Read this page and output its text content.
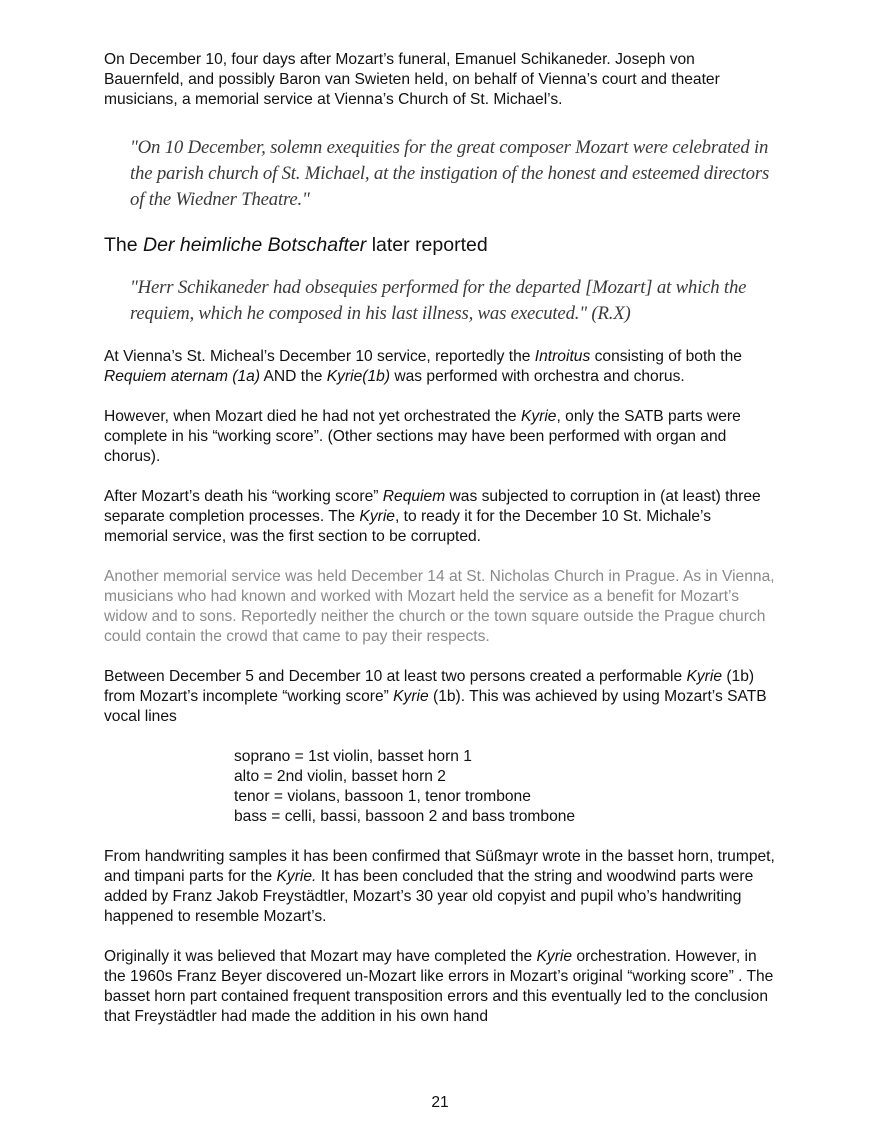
On December 10, four days after Mozart’s funeral, Emanuel Schikaneder. Joseph von Bauernfeld, and possibly Baron van Swieten held, on behalf of Vienna’s court and theater musicians, a memorial service at Vienna’s Church of St. Michael’s.

"On 10 December, solemn exequities for the great composer Mozart were celebrated in the parish church of St. Michael, at the instigation of the honest and esteemed directors of the Wiedner Theatre."

The Der heimliche Botschafter later reported

"Herr Schikaneder had obsequies performed for the departed [Mozart] at which the requiem, which he composed in his last illness, was executed." (R.X)

At Vienna’s St. Micheal’s December 10 service, reportedly the Introitus consisting of both the Requiem aternam (1a) AND the Kyrie(1b) was performed with orchestra and chorus.

However, when Mozart died he had not yet orchestrated the Kyrie, only the SATB parts were complete in his “working score”. (Other sections may have been performed with organ and chorus).

After Mozart’s death his “working score” Requiem was subjected to corruption in (at least) three separate completion processes. The Kyrie, to ready it for the December 10 St. Michale’s memorial service, was the first section to be corrupted.

Another memorial service was held December 14 at St. Nicholas Church in Prague. As in Vienna, musicians who had known and worked with Mozart held the service as a benefit for Mozart’s widow and to sons. Reportedly neither the church or the town square outside the Prague church could contain the crowd that came to pay their respects.

Between December 5 and December 10 at least two persons created a performable Kyrie (1b) from Mozart’s incomplete “working score” Kyrie (1b). This was achieved by using Mozart’s SATB vocal lines

soprano = 1st violin, basset horn 1
alto = 2nd violin, basset horn 2
tenor = violans, bassoon 1, tenor trombone
bass = celli, bassi, bassoon 2 and bass trombone

From handwriting samples it has been confirmed that Süßmayr wrote in the basset horn, trumpet, and timpani parts for the Kyrie. It has been concluded that the string and woodwind parts were added by Franz Jakob Freystädtler, Mozart’s 30 year old copyist and pupil who’s handwriting happened to resemble Mozart’s.

Originally it was believed that Mozart may have completed the Kyrie orchestration. However, in the 1960s Franz Beyer discovered un-Mozart like errors in Mozart’s original “working score” . The basset horn part contained frequent transposition errors and this eventually led to the conclusion that Freystädtler had made the addition in his own hand

21
